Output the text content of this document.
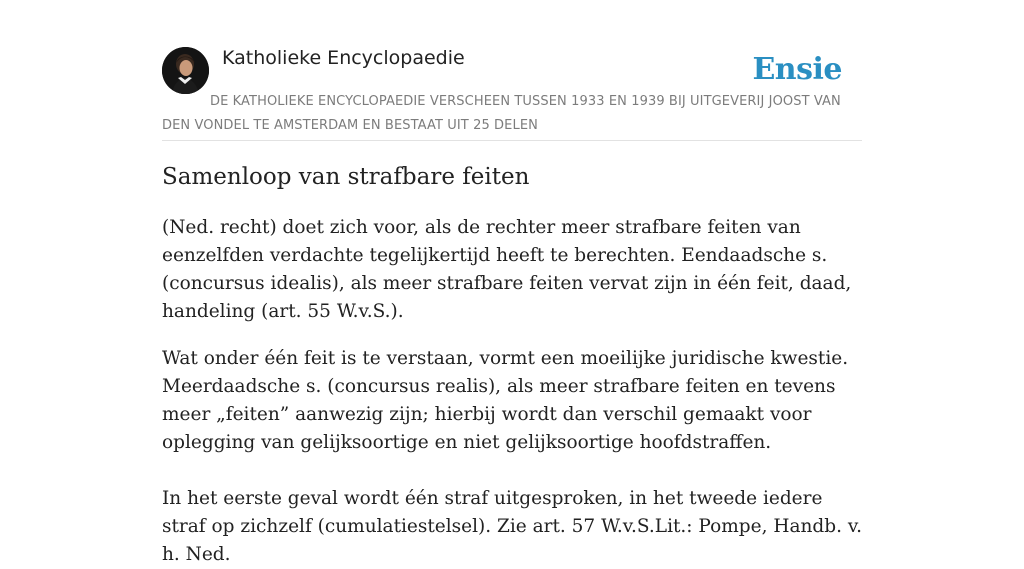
Katholieke Encyclopaedie	Ensie
DE KATHOLIEKE ENCYCLOPAEDIE VERSCHEEN TUSSEN 1933 EN 1939 BIJ UITGEVERIJ JOOST VAN DEN VONDEL TE AMSTERDAM EN BESTAAT UIT 25 DELEN
Samenloop van strafbare feiten

(Ned. recht) doet zich voor, als de rechter meer strafbare feiten van eenzelfden verdachte tegelijkertijd heeft te berechten. Eendaadsche s. (concursus idealis), als meer strafbare feiten vervat zijn in één feit, daad, handeling (art. 55 W.v.S.).

Wat onder één feit is te verstaan, vormt een moeilijke juridische kwestie. Meerdaadsche s. (concursus realis), als meer strafbare feiten en tevens meer „feiten” aanwezig zijn; hierbij wordt dan verschil gemaakt voor oplegging van gelijksoortige en niet gelijksoortige hoofdstraffen.

In het eerste geval wordt één straf uitgesproken, in het tweede iedere straf op zichzelf (cumulatiestelsel). Zie art. 57 W.v.S.Lit.: Pompe, Handb. v. h. Ned.
